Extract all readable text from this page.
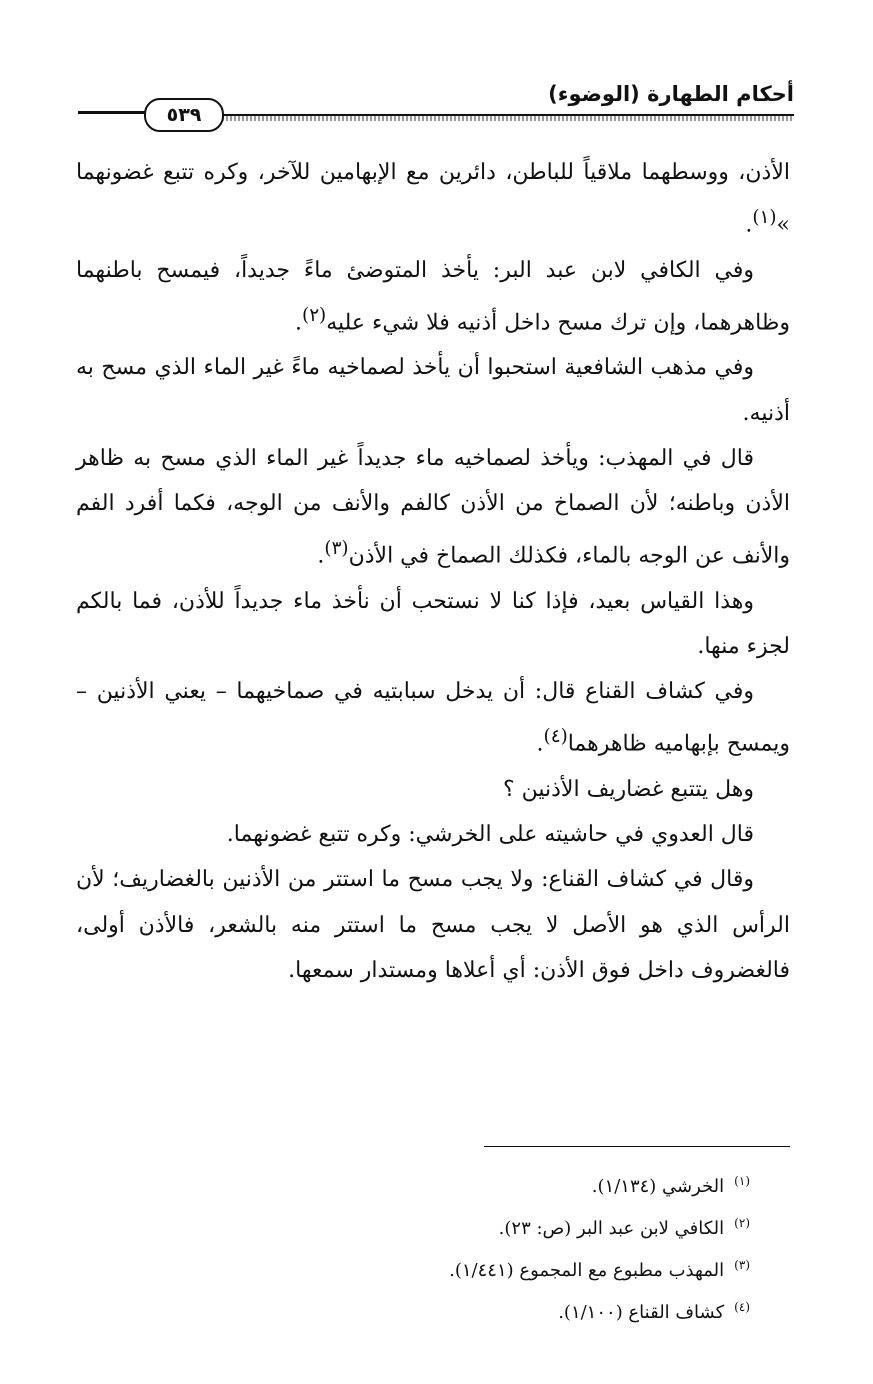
أحكام الطهارة (الوضوء)
٥٣٩

الأذن، ووسطهما ملاقياً للباطن، دائرين مع الإبهامين للآخر، وكره تتبع غضونهما »$^{(١)}$.

وفي الكافي لابن عبد البر: يأخذ المتوضئ ماءً جديداً، فيمسح باطنهما وظاهرهما، وإن ترك مسح داخل أذنيه فلا شيء عليه$^{(٢)}$.

وفي مذهب الشافعية استحبوا أن يأخذ لصماخيه ماءً غير الماء الذي مسح به أذنيه.

قال في المهذب: ويأخذ لصماخيه ماء جديداً غير الماء الذي مسح به ظاهر الأذن وباطنه؛ لأن الصماخ من الأذن كالفم والأنف من الوجه، فكما أفرد الفم والأنف عن الوجه بالماء، فكذلك الصماخ في الأذن$^{(٣)}$.

وهذا القياس بعيد، فإذا كنا لا نستحب أن نأخذ ماء جديداً للأذن، فما بالكم لجزء منها.

وفي كشاف القناع قال: أن يدخل سبابتيه في صماخيهما – يعني الأذنين – ويمسح بإبهاميه ظاهرهما$^{(٤)}$.

وهل يتتبع غضاريف الأذنين ؟

قال العدوي في حاشيته على الخرشي: وكره تتبع غضونهما.

وقال في كشاف القناع: ولا يجب مسح ما استتر من الأذنين بالغضاريف؛ لأن الرأس الذي هو الأصل لا يجب مسح ما استتر منه بالشعر، فالأذن أولى، فالغضروف داخل فوق الأذن: أي أعلاها ومستدار سمعها.

$^{(١)}$الخرشي (١/١٣٤).
$^{(٢)}$الكافي لابن عبد البر (ص: ٢٣).
$^{(٣)}$المهذب مطبوع مع المجموع (١/٤٤١).
$^{(٤)}$كشاف القناع (١/١٠٠).
